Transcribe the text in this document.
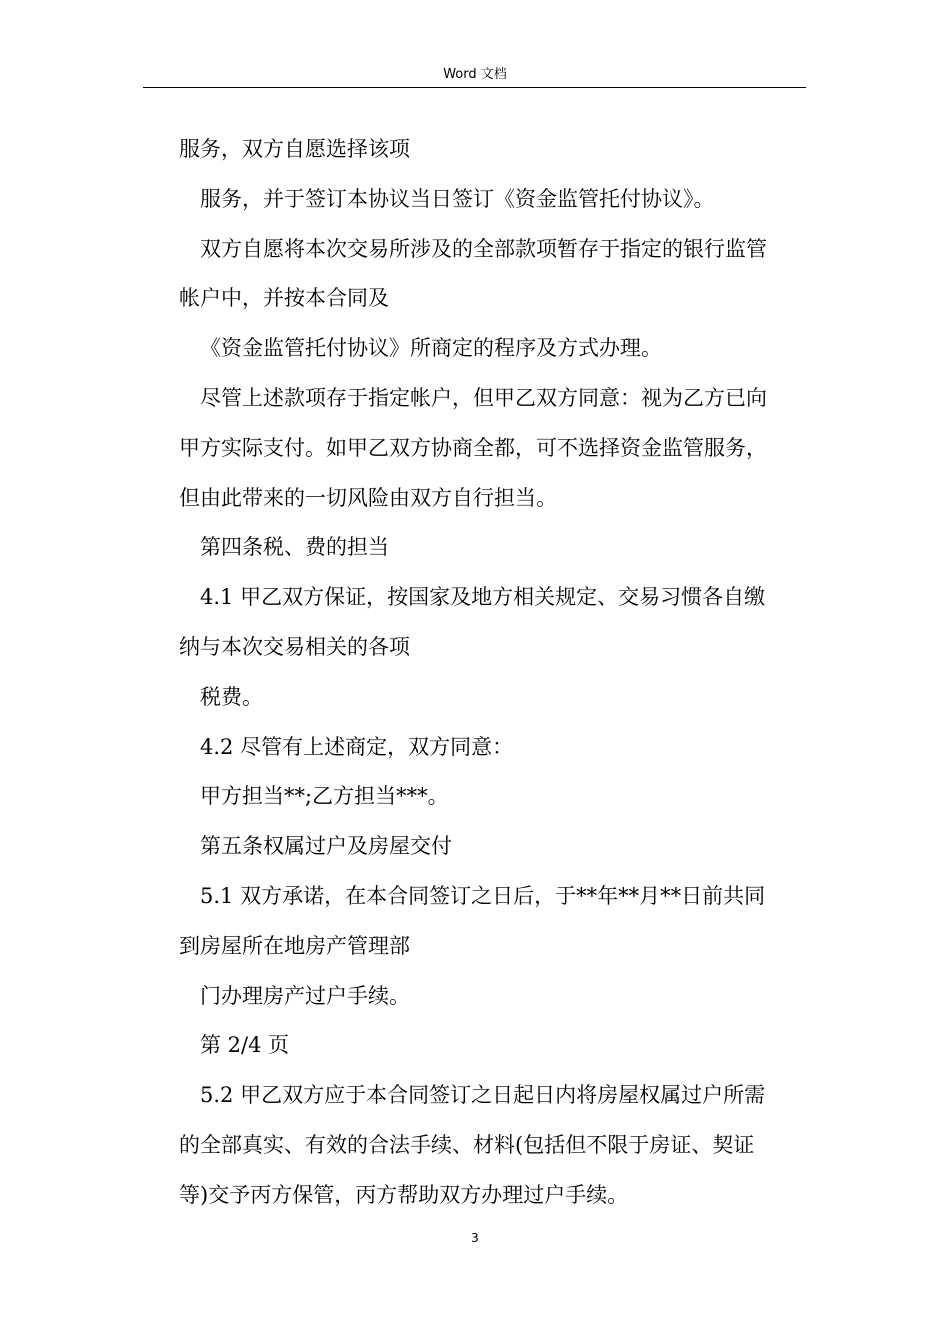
Word 文档
服务，双方自愿选择该项
服务，并于签订本协议当日签订《资金监管托付协议》。
双方自愿将本次交易所涉及的全部款项暂存于指定的银行监管
帐户中，并按本合同及
《资金监管托付协议》所商定的程序及方式办理。
尽管上述款项存于指定帐户，但甲乙双方同意：视为乙方已向
甲方实际支付。如甲乙双方协商全都，可不选择资金监管服务，
但由此带来的一切风险由双方自行担当。
第四条税、费的担当
4.1 甲乙双方保证，按国家及地方相关规定、交易习惯各自缴
纳与本次交易相关的各项
税费。
4.2 尽管有上述商定，双方同意：
甲方担当**;乙方担当***。
第五条权属过户及房屋交付
5.1 双方承诺，在本合同签订之日后，于**年**月**日前共同
到房屋所在地房产管理部
门办理房产过户手续。
第 2/4 页
5.2 甲乙双方应于本合同签订之日起日内将房屋权属过户所需
的全部真实、有效的合法手续、材料(包括但不限于房证、契证
等)交予丙方保管，丙方帮助双方办理过户手续。
3
